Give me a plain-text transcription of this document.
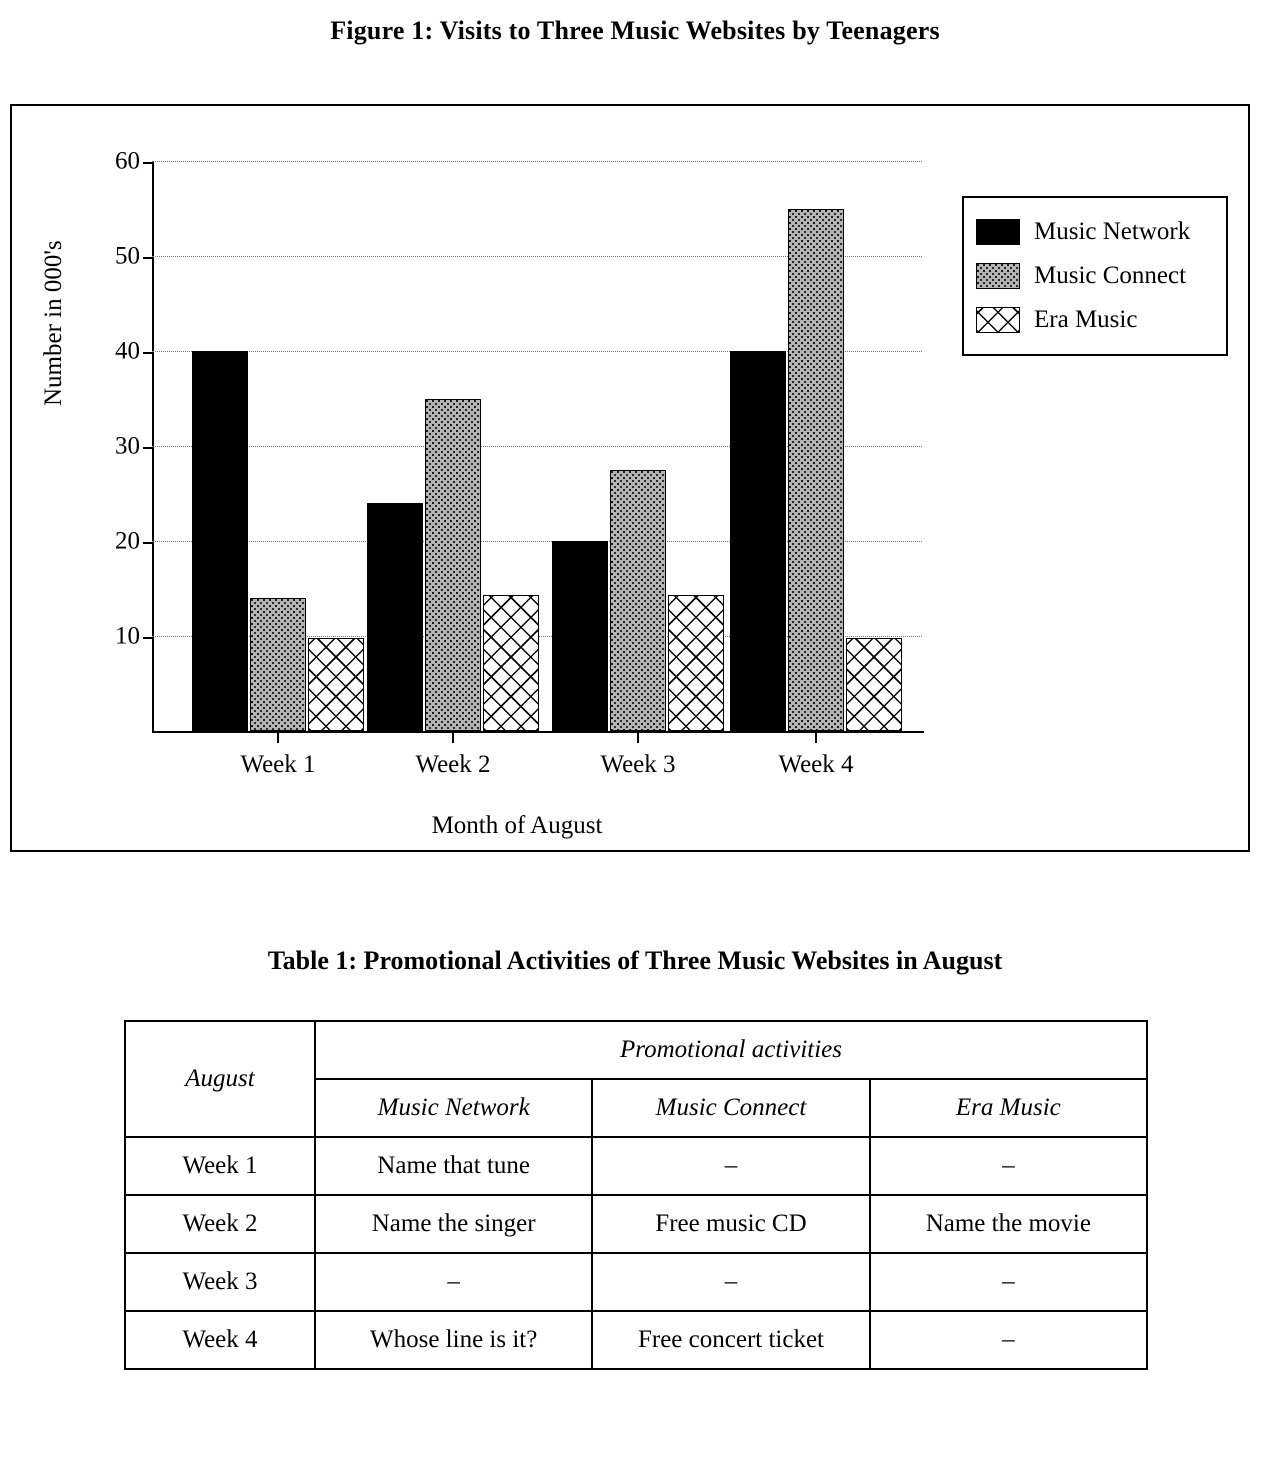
Figure 1: Visits to Three Music Websites by Teenagers
Number in 000's
10
20
30
40
50
60
Month of August
Music Network
Music Connect
Era Music
Week 1	Week 2	Week 3	Week 4
Table 1: Promotional Activities of Three Music Websites in August
August	Promotional activities		
	Music Network	Music Connect	Era Music
Week 1	Name that tune	–	–
Week 2	Name the singer	Free music CD	Name the movie
Week 3	–	–	–
Week 4	Whose line is it?	Free concert ticket	–
